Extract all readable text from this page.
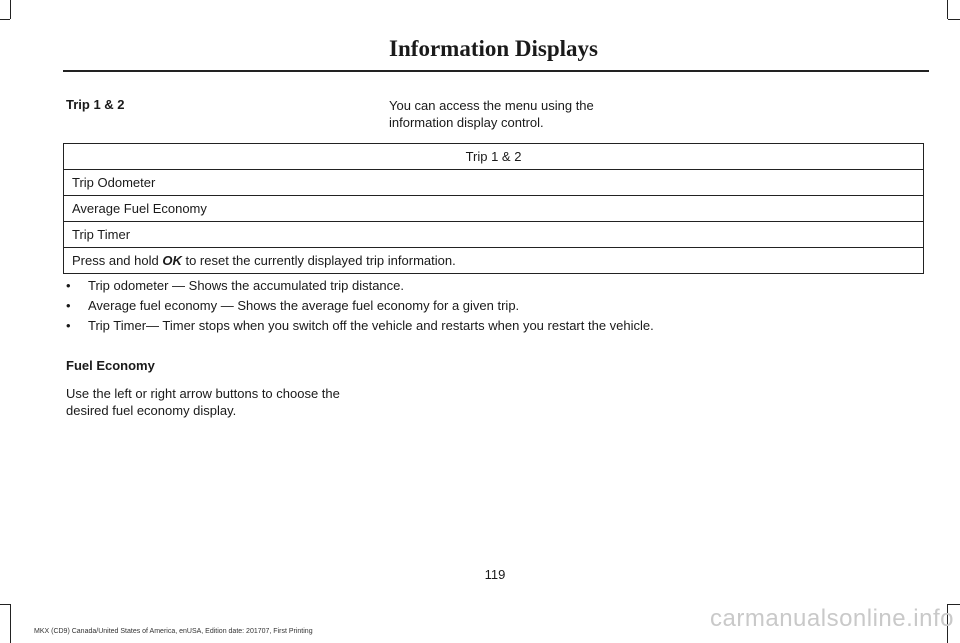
Information Displays
Trip 1 & 2	You can access the menu using the information display control.
Trip 1 & 2
Trip Odometer
Average Fuel Economy
Trip Timer
Press and hold OK to reset the currently displayed trip information.
• Trip odometer — Shows the accumulated trip distance.
• Average fuel economy — Shows the average fuel economy for a given trip.
• Trip Timer— Timer stops when you switch off the vehicle and restarts when you restart the vehicle.
Fuel Economy
Use the left or right arrow buttons to choose the desired fuel economy display.
119
MKX (CD9) Canada/United States of America, enUSA, Edition date: 201707, First Printing	carmanualsonline.info
